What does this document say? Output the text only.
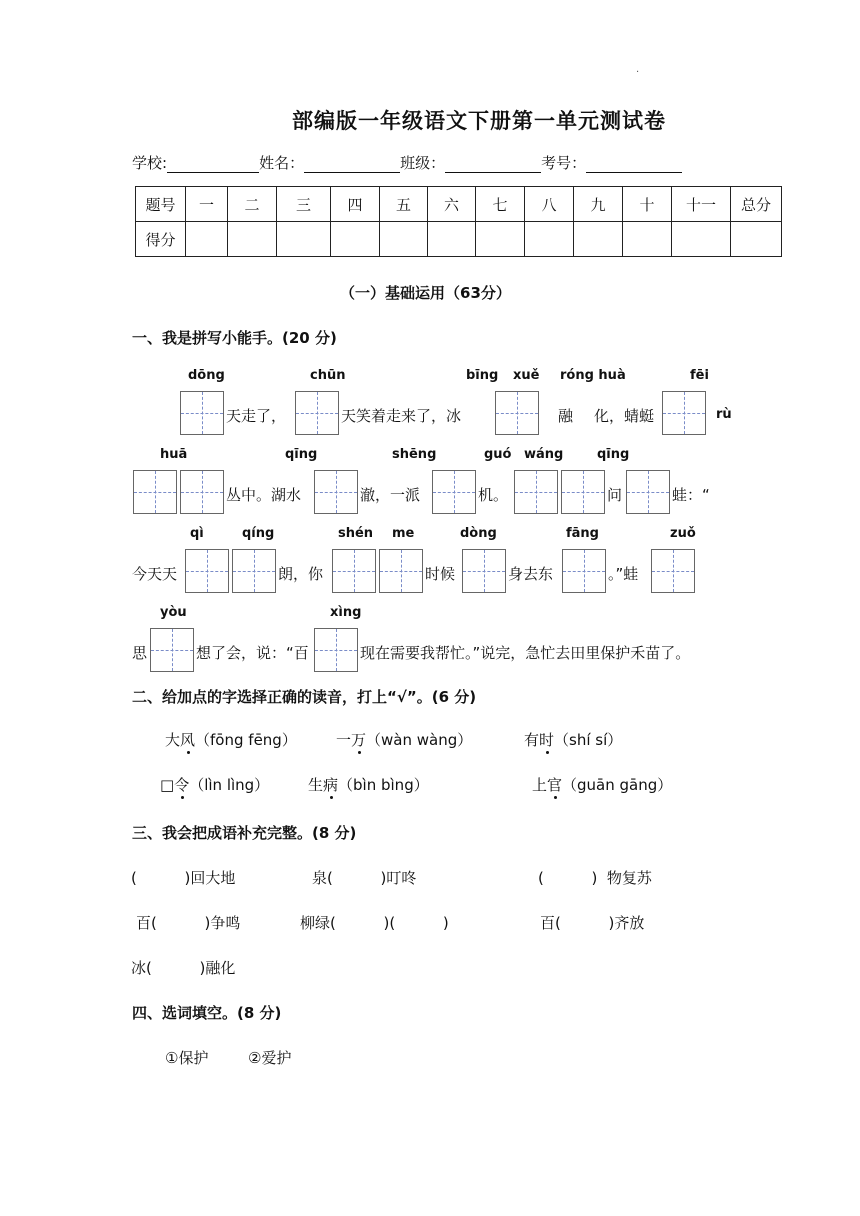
.
部编版一年级语文下册第一单元测试卷
学校:	姓名：	班级：	考号：
题号	一	二	三	四	五	六	七	八	九	十	十一	总分
得分												
（一）基础运用（63分）
一、我是拼写小能手。(20 分)
dōng	chūn	bīng xuě róng huà	fēi
天走了，	天笑着走来了，冰	融 化，蜻蜓	rù
huā	qīng	shēng	guó wáng	qīng
丛中。湖水	澈，一派	机。	问	蛙：“
qì	qíng	shén me	dòng	fāng	zuǒ
今天天	朗，你	时候	身去东	。”蛙
yòu	xìng
思	想了会，说：“百	现在需要我帮忙。”说完，急忙去田里保护禾苗了。
二、给加点的字选择正确的读音，打上“√”。(6 分)
大风（fōng fēng）	一万（wàn wàng）	有时（shí sí）
□令（lìn lìng）	生病（bìn bìng）	上官（guān gāng）
三、我会把成语补充完整。(8 分)
(          )回大地	泉(          )叮咚	(          )  物复苏
百(          )争鸣	柳绿(          )(          )	百(          )齐放
冰(          )融化
四、选词填空。(8 分)
①保护	②爱护
